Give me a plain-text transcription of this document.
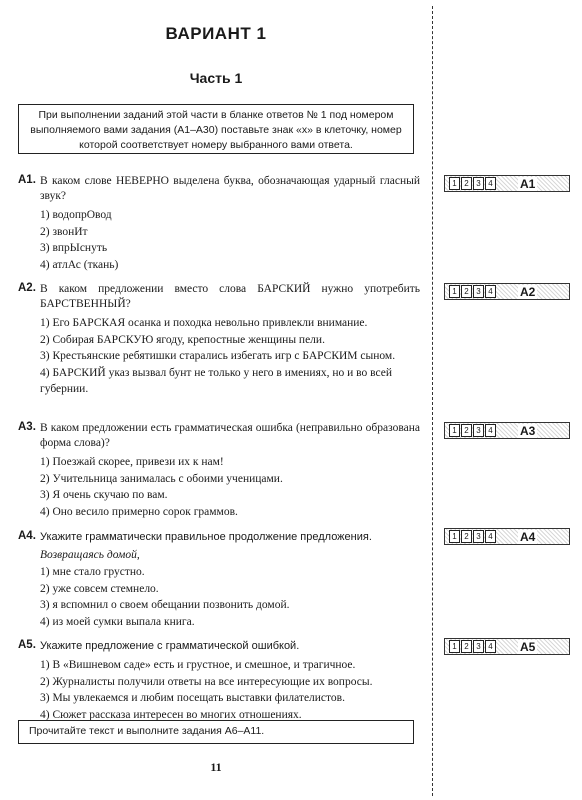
ВАРИАНТ 1
Часть 1
При выполнении заданий этой части в бланке ответов № 1 под номером выполняемого вами задания (А1–А30) поставьте знак «х» в клеточку, номер которой соответствует номеру выбранного вами ответа.
А1. В каком слове НЕВЕРНО выделена буква, обозначающая ударный гласный звук?
1) водопрОвод
2) звонИт
3) впрЫснуть
4) атлАс (ткань)
1 2 3 4 А1
А2. В каком предложении вместо слова БАРСКИЙ нужно употребить БАРСТВЕННЫЙ?
1) Его БАРСКАЯ осанка и походка невольно привлекли внимание.
2) Собирая БАРСКУЮ ягоду, крепостные женщины пели.
3) Крестьянские ребятишки старались избегать игр с БАРСКИМ сыном.
4) БАРСКИЙ указ вызвал бунт не только у него в имениях, но и во всей губернии.
1 2 3 4 А2
А3. В каком предложении есть грамматическая ошибка (неправильно образована форма слова)?
1) Поезжай скорее, привези их к нам!
2) Учительница занималась с обоими ученицами.
3) Я очень скучаю по вам.
4) Оно весило примерно сорок граммов.
1 2 3 4 А3
А4. Укажите грамматически правильное продолжение предложения.
Возвращаясь домой,
1) мне стало грустно.
2) уже совсем стемнело.
3) я вспомнил о своем обещании позвонить домой.
4) из моей сумки выпала книга.
1 2 3 4 А4
А5. Укажите предложение с грамматической ошибкой.
1) В «Вишневом саде» есть и грустное, и смешное, и трагичное.
2) Журналисты получили ответы на все интересующие их вопросы.
3) Мы увлекаемся и любим посещать выставки филателистов.
4) Сюжет рассказа интересен во многих отношениях.
1 2 3 4 А5
Прочитайте текст и выполните задания А6–А11.
11
